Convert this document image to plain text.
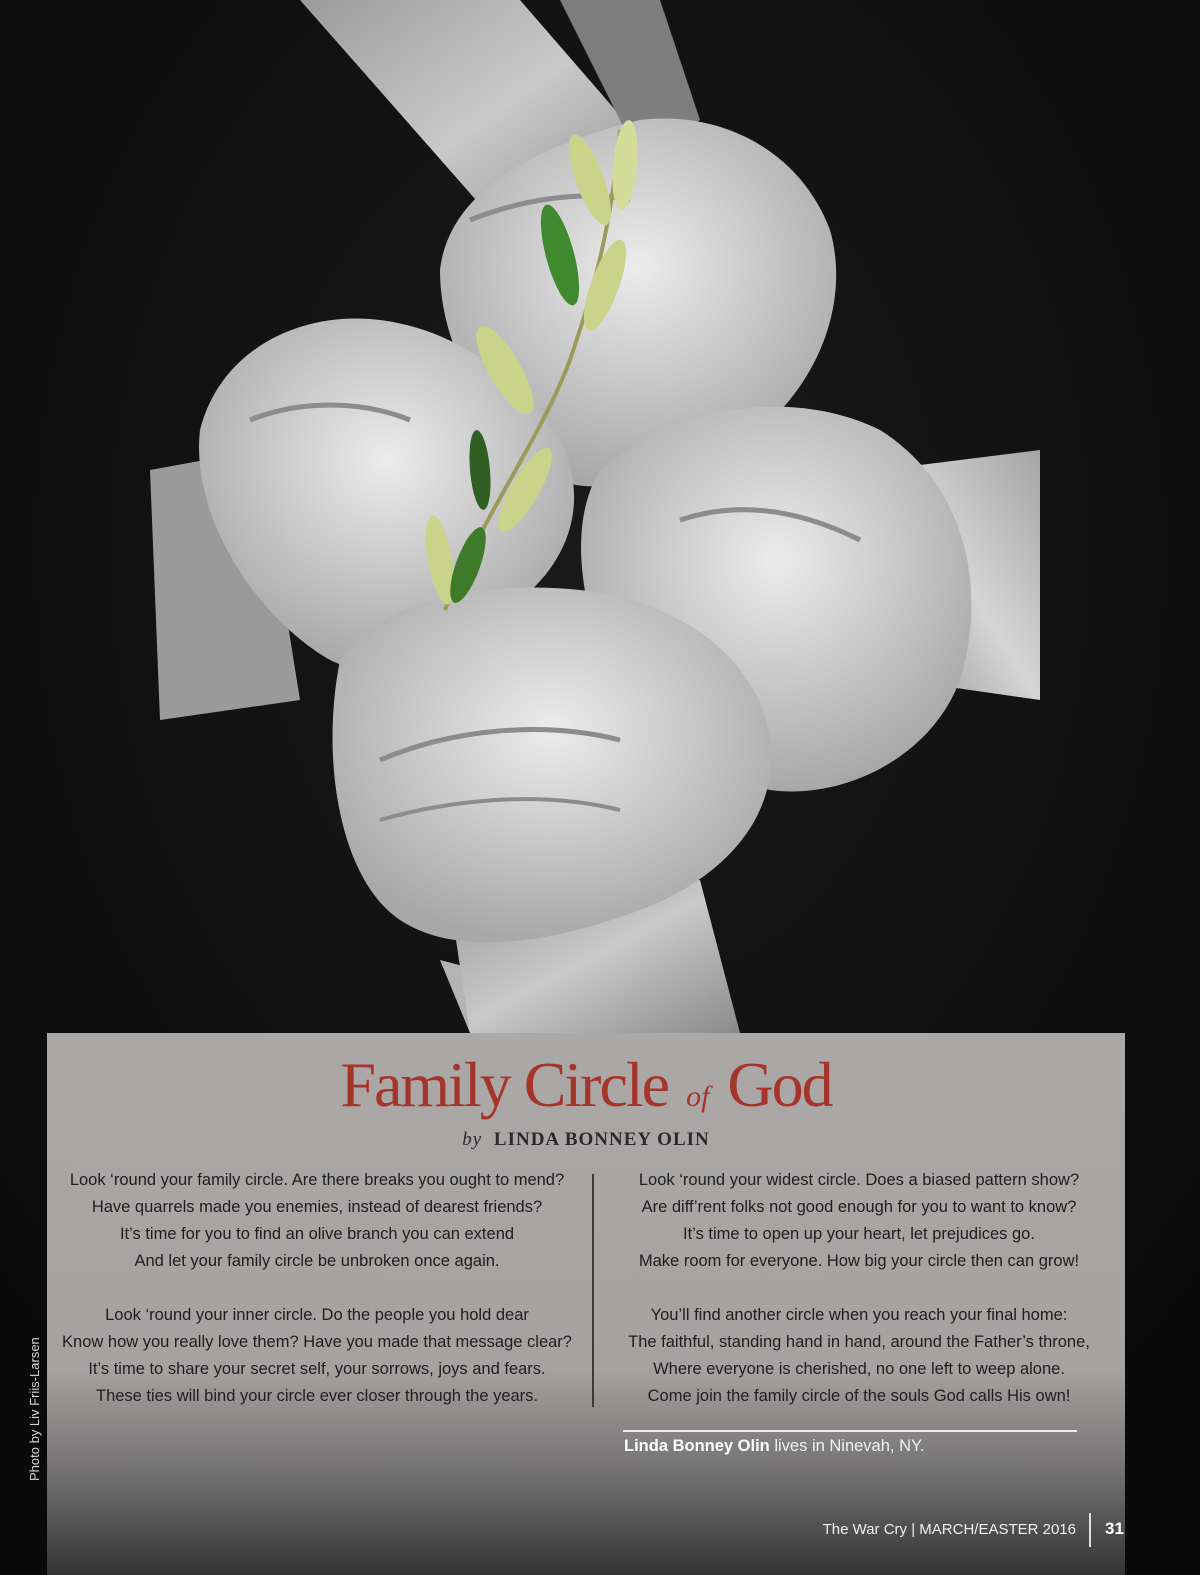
Family Circle of God
by LINDA BONNEY OLIN
Look ‘round your family circle. Are there breaks you ought to mend?
Have quarrels made you enemies, instead of dearest friends?
It’s time for you to find an olive branch you can extend
And let your family circle be unbroken once again.
Look ‘round your inner circle. Do the people you hold dear
Know how you really love them? Have you made that message clear?
It’s time to share your secret self, your sorrows, joys and fears.
These ties will bind your circle ever closer through the years.
Look ‘round your widest circle. Does a biased pattern show?
Are diff’rent folks not good enough for you to want to know?
It’s time to open up your heart, let prejudices go.
Make room for everyone. How big your circle then can grow!
You’ll find another circle when you reach your final home:
The faithful, standing hand in hand, around the Father’s throne,
Where everyone is cherished, no one left to weep alone.
Come join the family circle of the souls God calls His own!
Linda Bonney Olin lives in Ninevah, NY.
The War Cry | MARCH/EASTER 2016	31
Photo by Liv Friis-Larsen
